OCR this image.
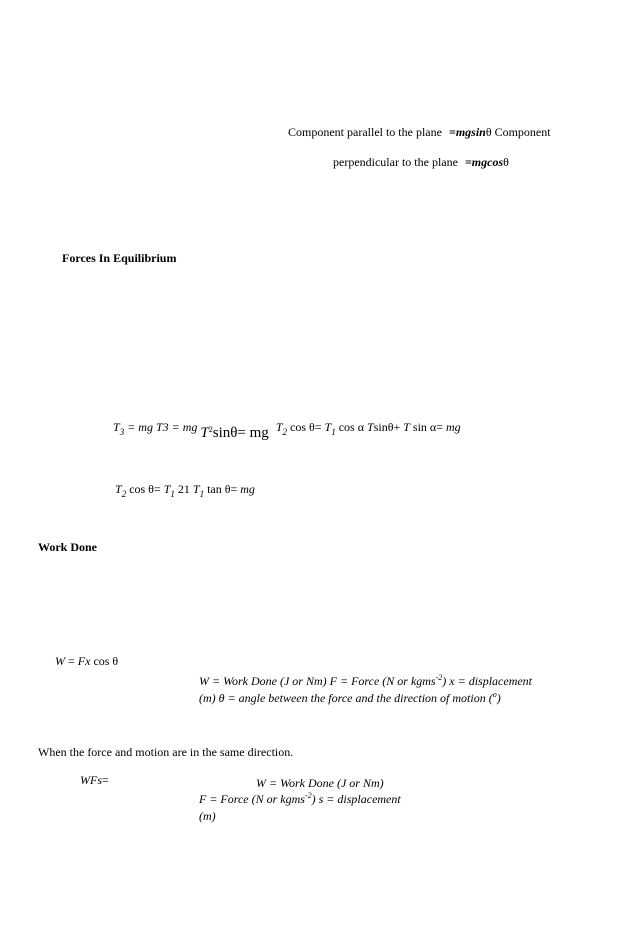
Component parallel to the plane =mgsinθ Component
perpendicular to the plane =mgcosθ
Forces In Equilibrium
$T_3$ = mg T3 = mg $T^2\sin\theta=$ mg $T_2$ $\cos \theta= T_1$ cos α Tsinθ+ T sin α= mg
$T_2$ $\cos \theta= T_1$ 21 $T_1$ tan θ= mg
Work Done
W = Fx cos θ
W = Work Done (J or Nm) F = Force (N or kgms$^{-2}$) x = displacement
(m) θ = angle between the force and the direction of motion ($^o$)
When the force and motion are in the same direction.
WFs=	W = Work Done (J or Nm)
F = Force (N or kgms$^{-2}$) s = displacement
(m)
